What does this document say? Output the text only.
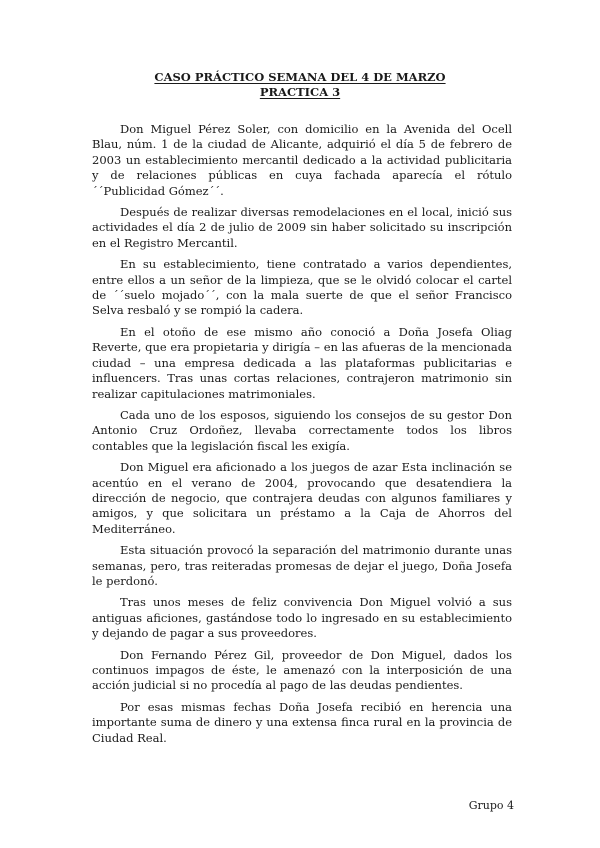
CASO PRÁCTICO SEMANA DEL 4 DE MARZO
PRACTICA 3

Don Miguel Pérez Soler, con domicilio en la Avenida del Ocell Blau, núm. 1 de la ciudad de Alicante, adquirió el día 5 de febrero de 2003 un establecimiento mercantil dedicado a la actividad publicitaria y de relaciones públicas en cuya fachada aparecía el rótulo ´´Publicidad Gómez´´.

Después de realizar diversas remodelaciones en el local, inició sus actividades el día 2 de julio de 2009 sin haber solicitado su inscripción en el Registro Mercantil.

En su establecimiento, tiene contratado a varios dependientes, entre ellos a un señor de la limpieza, que se le olvidó colocar el cartel de ´´suelo mojado´´, con la mala suerte de que el señor Francisco Selva resbaló y se rompió la cadera.

En el otoño de ese mismo año conoció a Doña Josefa Oliag Reverte, que era propietaria y dirigía – en las afueras de la mencionada ciudad – una empresa dedicada a las plataformas publicitarias e influencers. Tras unas cortas relaciones, contrajeron matrimonio sin realizar capitulaciones matrimoniales.

Cada uno de los esposos, siguiendo los consejos de su gestor Don Antonio Cruz Ordoñez, llevaba correctamente todos los libros contables que la legislación fiscal les exigía.

Don Miguel era aficionado a los juegos de azar Esta inclinación se acentúo en el verano de 2004, provocando que desatendiera la dirección de negocio, que contrajera deudas con algunos familiares y amigos, y que solicitara un préstamo a la Caja de Ahorros del Mediterráneo.

Esta situación provocó la separación del matrimonio durante unas semanas, pero, tras reiteradas promesas de dejar el juego, Doña Josefa le perdonó.

Tras unos meses de feliz convivencia Don Miguel volvió a sus antiguas aficiones, gastándose todo lo ingresado en su establecimiento y dejando de pagar a sus proveedores.

Don Fernando Pérez Gil, proveedor de Don Miguel, dados los continuos impagos de éste, le amenazó con la interposición de una acción judicial si no procedía al pago de las deudas pendientes.

Por esas mismas fechas Doña Josefa recibió en herencia una importante suma de dinero y una extensa finca rural en la provincia de Ciudad Real.

Grupo 4
